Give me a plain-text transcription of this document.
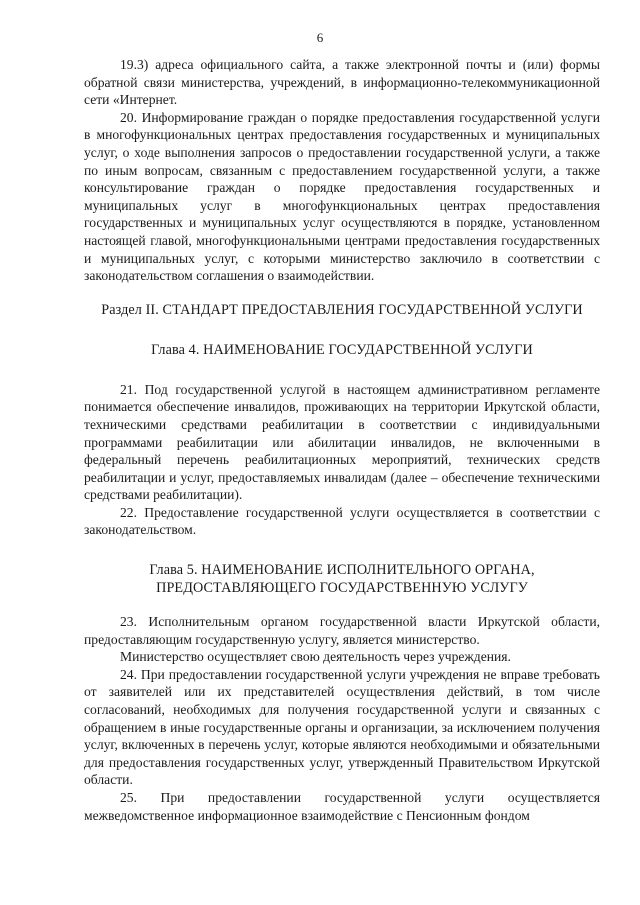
6

19.3) адреса официального сайта, а также электронной почты и (или) формы обратной связи министерства, учреждений, в информационно-телекоммуникационной сети «Интернет.

20. Информирование граждан о порядке предоставления государственной услуги в многофункциональных центрах предоставления государственных и муниципальных услуг, о ходе выполнения запросов о предоставлении государственной услуги, а также по иным вопросам, связанным с предоставлением государственной услуги, а также консультирование граждан о порядке предоставления государственных и муниципальных услуг в многофункциональных центрах предоставления государственных и муниципальных услуг осуществляются в порядке, установленном настоящей главой, многофункциональными центрами предоставления государственных и муниципальных услуг, с которыми министерство заключило в соответствии с законодательством соглашения о взаимодействии.

Раздел II. СТАНДАРТ ПРЕДОСТАВЛЕНИЯ ГОСУДАРСТВЕННОЙ УСЛУГИ
Глава 4. НАИМЕНОВАНИЕ ГОСУДАРСТВЕННОЙ УСЛУГИ

21. Под государственной услугой в настоящем административном регламенте понимается обеспечение инвалидов, проживающих на территории Иркутской области, техническими средствами реабилитации в соответствии с индивидуальными программами реабилитации или абилитации инвалидов, не включенными в федеральный перечень реабилитационных мероприятий, технических средств реабилитации и услуг, предоставляемых инвалидам (далее – обеспечение техническими средствами реабилитации).

22. Предоставление государственной услуги осуществляется в соответствии с законодательством.

Глава 5. НАИМЕНОВАНИЕ ИСПОЛНИТЕЛЬНОГО ОРГАНА,
ПРЕДОСТАВЛЯЮЩЕГО ГОСУДАРСТВЕННУЮ УСЛУГУ

23. Исполнительным органом государственной власти Иркутской области, предоставляющим государственную услугу, является министерство.

Министерство осуществляет свою деятельность через учреждения.

24. При предоставлении государственной услуги учреждения не вправе требовать от заявителей или их представителей осуществления действий, в том числе согласований, необходимых для получения государственной услуги и связанных с обращением в иные государственные органы и организации, за исключением получения услуг, включенных в перечень услуг, которые являются необходимыми и обязательными для предоставления государственных услуг, утвержденный Правительством Иркутской области.

25. При предоставлении государственной услуги осуществляется межведомственное информационное взаимодействие с Пенсионным фондом
